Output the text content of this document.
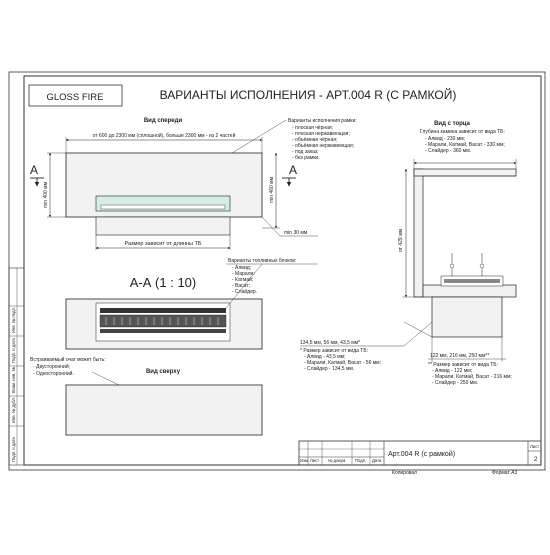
Подп. и дата
Инв. № дубл.
Взам. инв. №
Подп. и дата
Инв. № подл.
GLOSS FIRE	ВАРИАНТЫ ИСПОЛНЕНИЯ - АРТ.004 R (С РАМКОЙ)
Вид спереди
от 600 до 2300 мм (сплошной), больше 2300 мм - из 2 частей
Размер зависит от длинны ТБ
min 400 мм
А
min 460 мм
А
min 30 мм
Варианты исполнения рамки:
- плоская чёрная;
- плоская нержавеющая;
- объёмная чёрная;
- объёмная нержавеющая;
- под заказ;
- без рамки.
А-А (1 : 10)
Варианты топливных блоков:
- Алвид;
- Марали;
- Катмай;
- Васат;
- Слайдер.
Встраиваемый очаг может быть:
- Двусторонний;
- Односторонний.	Вид сверху
Вид с торца
Глубина камина зависит от вида ТБ:
- Алвид - 230 мм;
- Марали, Катмай, Васат - 330 мм;
- Слайдер - 360 мм.
от 429 мм
134,5 мм, 56 мм, 43,5 мм*
* Размер зависит от вида ТБ:
- Алвид - 43,5 мм;
- Марали, Катмай, Васат - 56 мм;
- Слайдер - 134,5 мм.
122 мм, 216 мм, 250 мм**
** Размер зависит от вида ТБ:
- Алвид - 122 мм;
- Марали, Катмай, Васат - 216 мм;
- Слайдер - 250 мм.
Изм. Лист № докум. Подп. Дата
Арт.004 R (с рамкой)
Лист
2
Копировал	Формат А3
